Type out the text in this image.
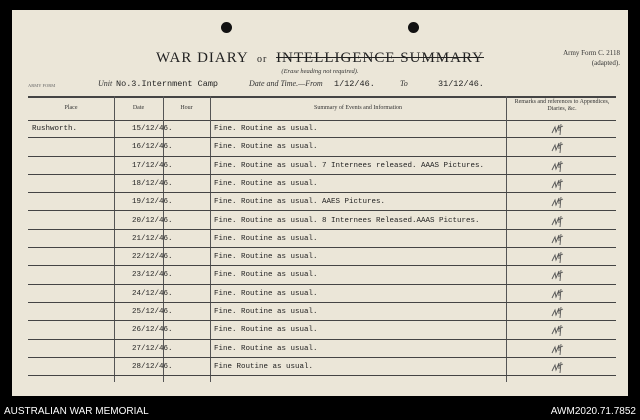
WAR DIARY or INTELLIGENCE SUMMARY
(Erase heading not required).
Army Form C. 2118
(adapted).
ARMY FORM	Unit No.3.Internment Camp	Date and Time.—From 1/12/46.	To	31/12/46.
Place	Date	Hour	Summary of Events and Information
Remarks and references to Appendices, Diaries, &c.
Rushworth.	15/12/46.	Fine. Routine as usual.
16/12/46.	Fine. Routine as usual.
17/12/46.	Fine. Routine as usual. 7 Internees released. AAAS Pictures.
18/12/46.	Fine. Routine as usual.
19/12/46.	Fine. Routine as usual. AAES Pictures.
20/12/46.	Fine. Routine as usual. 8 Internees Released.AAAS Pictures.
21/12/46.	Fine. Routine as usual.
22/12/46.	Fine. Routine as usual.
23/12/46.	Fine. Routine as usual.
24/12/46.	Fine. Routine as usual.
25/12/46.	Fine. Routine as usual.
26/12/46.	Fine. Routine as usual.
27/12/46.	Fine. Routine as usual.
28/12/46.	Fine Routine as usual.
AUSTRALIAN WAR MEMORIAL	AWM2020.71.7852
